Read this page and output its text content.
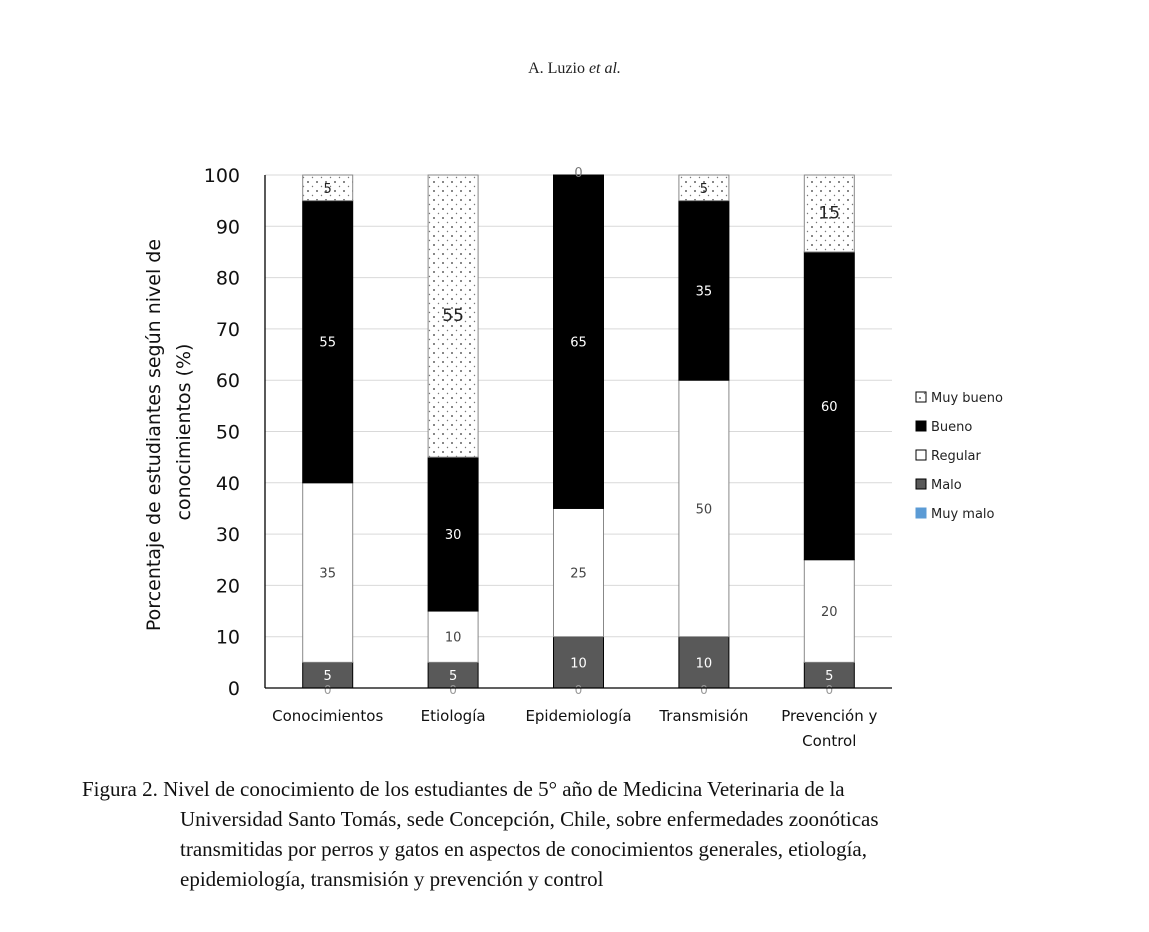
A. Luzio et al.
0
10
20
30
40
50
60
70
80
90
100
5
35
55
5
0
5
10
30
55
0
10
25
65
0
0
10
50
35
5
0
5
20
60
15
0
Conocimientos Etiología	Epidemiología Transmisión Prevención y
Control
Porcentaje de estudiantes según nivel de conocimientos (%)	Muy bueno
Bueno
Regular
Malo
Muy malo
Figura 2. Nivel de conocimiento de los estudiantes de 5° año de Medicina Veterinaria de la
Universidad Santo Tomás, sede Concepción, Chile, sobre enfermedades zoonóticas
transmitidas por perros y gatos en aspectos de conocimientos generales, etiología,
epidemiología, transmisión y prevención y control
